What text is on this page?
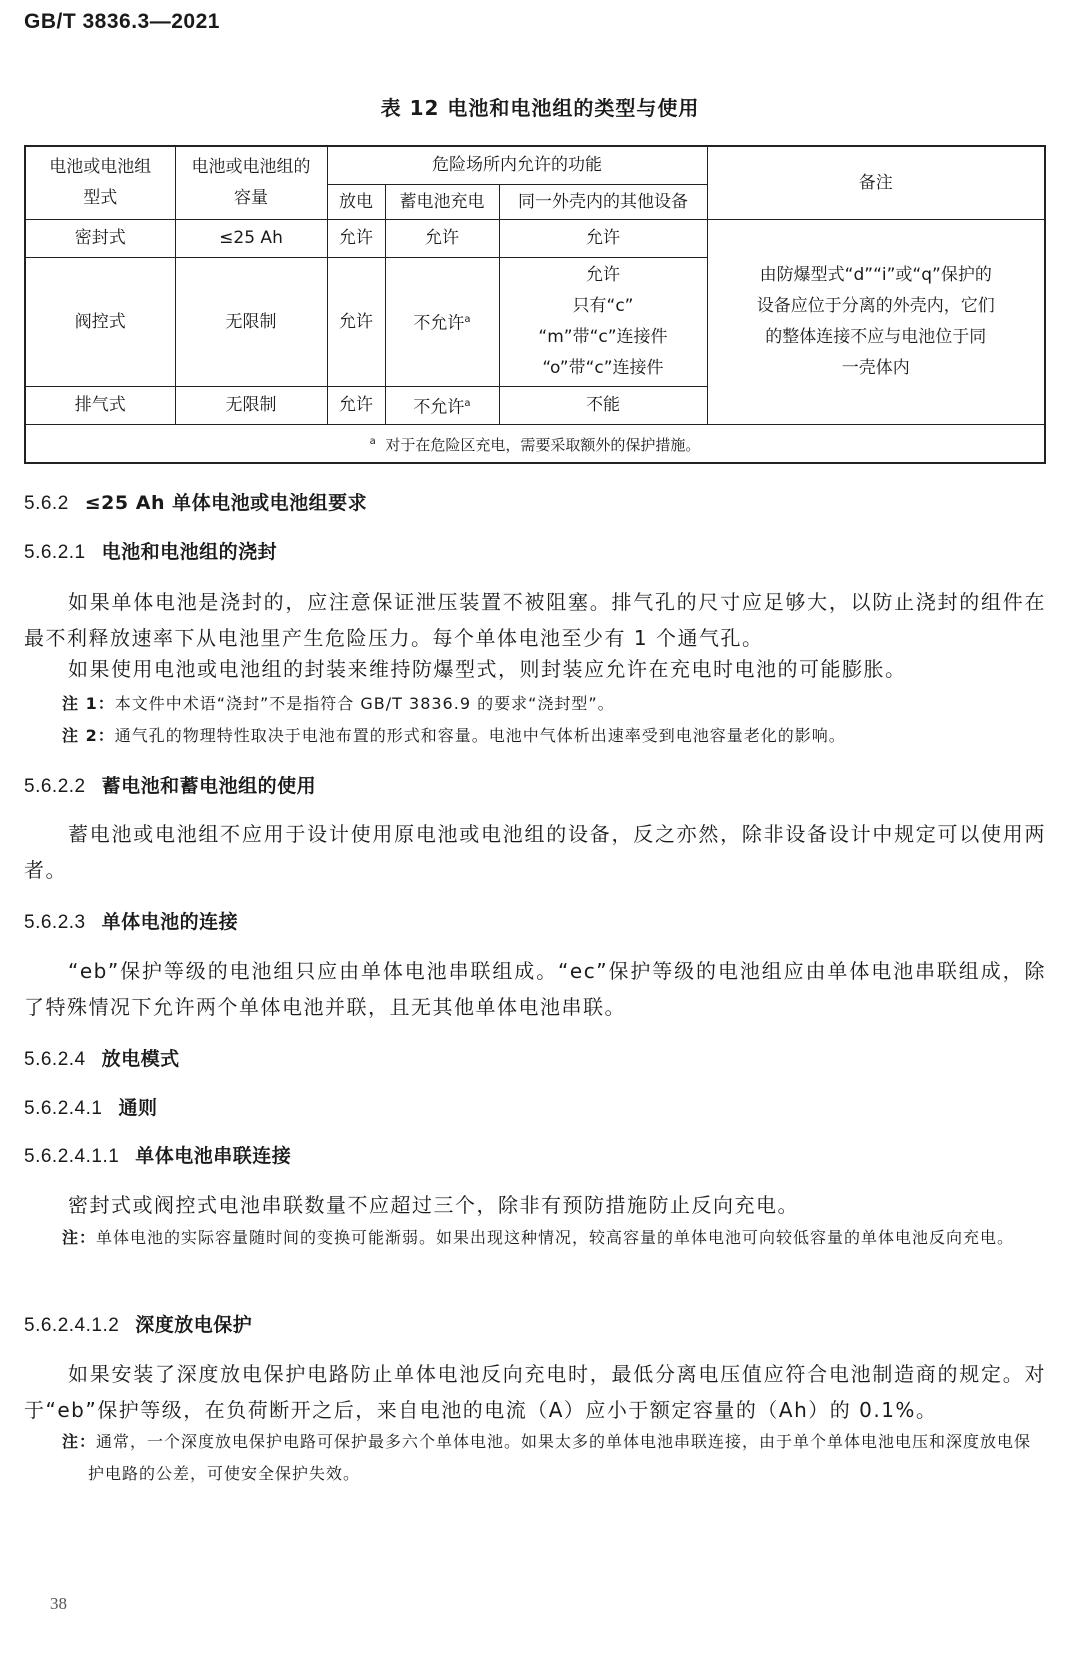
GB/T 3836.3—2021
表 12 电池和电池组的类型与使用
电池或电池组
型式	电池或电池组的
容量	危险场所内允许的功能			备注
		放电	蓄电池充电	同一外壳内的其他设备	
密封式	≤25 Ah	允许	允许	允许	由防爆型式“d”“i”或“q”保护的
设备应位于分离的外壳内，它们
的整体连接不应与电池位于同
一壳体内

阀控式	无限制	允许	不允许$^a$	允许
只有“c”
“m”带“c”连接件
“o”带“c”连接件	

排气式	无限制	允许	不允许$^a$	不能	
$^a$ 对于在危险区充电，需要采取额外的保护措施。					
5.6.2 ≤25 Ah 单体电池或电池组要求
5.6.2.1 电池和电池组的浇封
如果单体电池是浇封的，应注意保证泄压装置不被阻塞。排气孔的尺寸应足够大，以防止浇封的组件在最不利释放速率下从电池里产生危险压力。每个单体电池至少有 1 个通气孔。
如果使用电池或电池组的封装来维持防爆型式，则封装应允许在充电时电池的可能膨胀。
注 1：本文件中术语“浇封”不是指符合 GB/T 3836.9 的要求“浇封型”。
注 2：通气孔的物理特性取决于电池布置的形式和容量。电池中气体析出速率受到电池容量老化的影响。
5.6.2.2 蓄电池和蓄电池组的使用
蓄电池或电池组不应用于设计使用原电池或电池组的设备，反之亦然，除非设备设计中规定可以使用两者。
5.6.2.3 单体电池的连接
“eb”保护等级的电池组只应由单体电池串联组成。“ec”保护等级的电池组应由单体电池串联组成，除了特殊情况下允许两个单体电池并联，且无其他单体电池串联。
5.6.2.4 放电模式
5.6.2.4.1 通则
5.6.2.4.1.1 单体电池串联连接
密封式或阀控式电池串联数量不应超过三个，除非有预防措施防止反向充电。
注：单体电池的实际容量随时间的变换可能渐弱。如果出现这种情况，较高容量的单体电池可向较低容量的单体电池反向充电。
5.6.2.4.1.2 深度放电保护
如果安装了深度放电保护电路防止单体电池反向充电时，最低分离电压值应符合电池制造商的规定。对于“eb”保护等级，在负荷断开之后，来自电池的电流（A）应小于额定容量的（Ah）的 0.1%。
注：通常，一个深度放电保护电路可保护最多六个单体电池。如果太多的单体电池串联连接，由于单个单体电池电压和深度放电保护电路的公差，可使安全保护失效。
38
